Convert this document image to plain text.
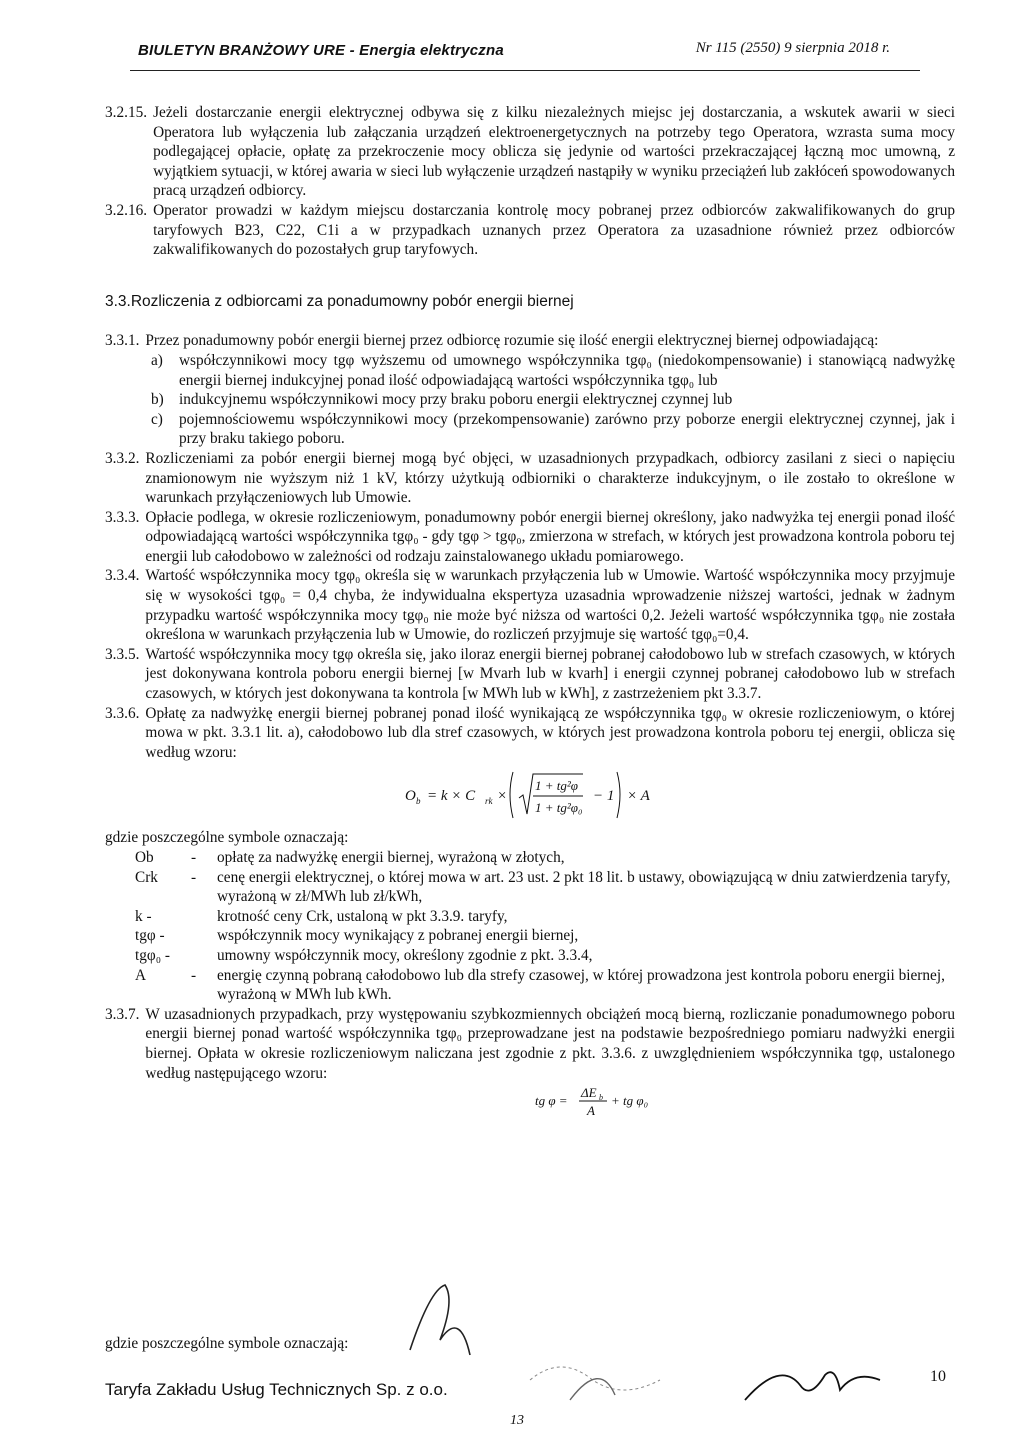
BIULETYN BRANŻOWY URE - Energia elektryczna	Nr 115 (2550) 9 sierpnia 2018 r.
3.2.15. Jeżeli dostarczanie energii elektrycznej odbywa się z kilku niezależnych miejsc jej dostarczania, a wskutek awarii w sieci Operatora lub wyłączenia lub załączania urządzeń elektroenergetycznych na potrzeby tego Operatora, wzrasta suma mocy podlegającej opłacie, opłatę za przekroczenie mocy oblicza się jedynie od wartości przekraczającej łączną moc umowną, z wyjątkiem sytuacji, w której awaria w sieci lub wyłączenie urządzeń nastąpiły w wyniku przeciążeń lub zakłóceń spowodowanych pracą urządzeń odbiorcy.
3.2.16. Operator prowadzi w każdym miejscu dostarczania kontrolę mocy pobranej przez odbiorców zakwalifikowanych do grup taryfowych B23, C22, C1i a w przypadkach uznanych przez Operatora za uzasadnione również przez odbiorców zakwalifikowanych do pozostałych grup taryfowych.
3.3.Rozliczenia z odbiorcami za ponadumowny pobór energii biernej
3.3.1. Przez ponadumowny pobór energii biernej przez odbiorcę rozumie się ilość energii elektrycznej biernej odpowiadającą:
a)	współczynnikowi mocy tgφ wyższemu od umownego współczynnika tgφ₀ (niedokompensowanie) i stanowiącą nadwyżkę energii biernej indukcyjnej ponad ilość odpowiadającą wartości współczynnika tgφ₀ lub
b) indukcyjnemu współczynnikowi mocy przy braku poboru energii elektrycznej czynnej lub
c)	pojemnościowemu współczynnikowi mocy (przekompensowanie) zarówno przy poborze energii elektrycznej czynnej, jak i przy braku takiego poboru.
3.3.2. Rozliczeniami za pobór energii biernej mogą być objęci, w uzasadnionych przypadkach, odbiorcy zasilani z sieci o napięciu znamionowym nie wyższym niż 1 kV, którzy użytkują odbiorniki o charakterze indukcyjnym, o ile zostało to określone w warunkach przyłączeniowych lub Umowie.
3.3.3. Opłacie podlega, w okresie rozliczeniowym, ponadumowny pobór energii biernej określony, jako nadwyżka tej energii ponad ilość odpowiadającą wartości współczynnika tgφ₀ - gdy tgφ > tgφ₀, zmierzona w strefach, w których jest prowadzona kontrola poboru tej energii lub całodobowo w zależności od rodzaju zainstalowanego układu pomiarowego.
3.3.4. Wartość współczynnika mocy tgφ₀ określa się w warunkach przyłączenia lub w Umowie. Wartość współczynnika mocy przyjmuje się w wysokości tgφ₀ = 0,4 chyba, że indywidualna ekspertyza uzasadnia wprowadzenie niższej wartości, jednak w żadnym przypadku wartość współczynnika mocy tgφ₀ nie może być niższa od wartości 0,2. Jeżeli wartość współczynnika tgφ₀ nie została określona w warunkach przyłączenia lub w Umowie, do rozliczeń przyjmuje się wartość tgφ₀=0,4.
3.3.5. Wartość współczynnika mocy tgφ określa się, jako iloraz energii biernej pobranej całodobowo lub w strefach czasowych, w których jest dokonywana kontrola poboru energii biernej [w Mvarh lub w kvarh] i energii czynnej pobranej całodobowo lub w strefach czasowych, w których jest dokonywana ta kontrola [w MWh lub w kWh], z zastrzeżeniem pkt 3.3.7.
3.3.6. Opłatę za nadwyżkę energii biernej pobranej ponad ilość wynikającą ze współczynnika tgφ₀ w okresie rozliczeniowym, o której mowa w pkt. 3.3.1 lit. a), całodobowo lub dla stref czasowych, w których jest prowadzona kontrola poboru tej energii, oblicza się według wzoru:
O b = k × C rk ×
1 + tg²φ
1 + tg²φ₀
− 1 × A
gdzie poszczególne symbole oznaczają:
Ob	-	opłatę za nadwyżkę energii biernej, wyrażoną w złotych,
Crk	-	cenę energii elektrycznej, o której mowa w art. 23 ust. 2 pkt 18 lit. b ustawy, obowiązującą w dniu zatwierdzenia taryfy, wyrażoną w zł/MWh lub zł/kWh,
k -	krotność ceny Crk, ustaloną w pkt 3.3.9. taryfy,
tgφ -	współczynnik mocy wynikający z pobranej energii biernej,
tgφ₀ -	umowny współczynnik mocy, określony zgodnie z pkt. 3.3.4,
A	-	energię czynną pobraną całodobowo lub dla strefy czasowej, w której prowadzona jest kontrola poboru energii biernej, wyrażoną w MWh lub kWh.
3.3.7. W uzasadnionych przypadkach, przy występowaniu szybkozmiennych obciążeń mocą bierną, rozliczanie ponadumownego poboru energii biernej ponad wartość współczynnika tgφ₀ przeprowadzane jest na podstawie bezpośredniego pomiaru nadwyżki energii biernej. Opłata w okresie rozliczeniowym naliczana jest zgodnie z pkt. 3.3.6. z uwzględnieniem współczynnika tgφ, ustalonego według następującego wzoru:
tg φ =
ΔE b
A
+ tg φ₀
gdzie poszczególne symbole oznaczają:
Taryfa Zakładu Usług Technicznych Sp. z o.o.
10
13
